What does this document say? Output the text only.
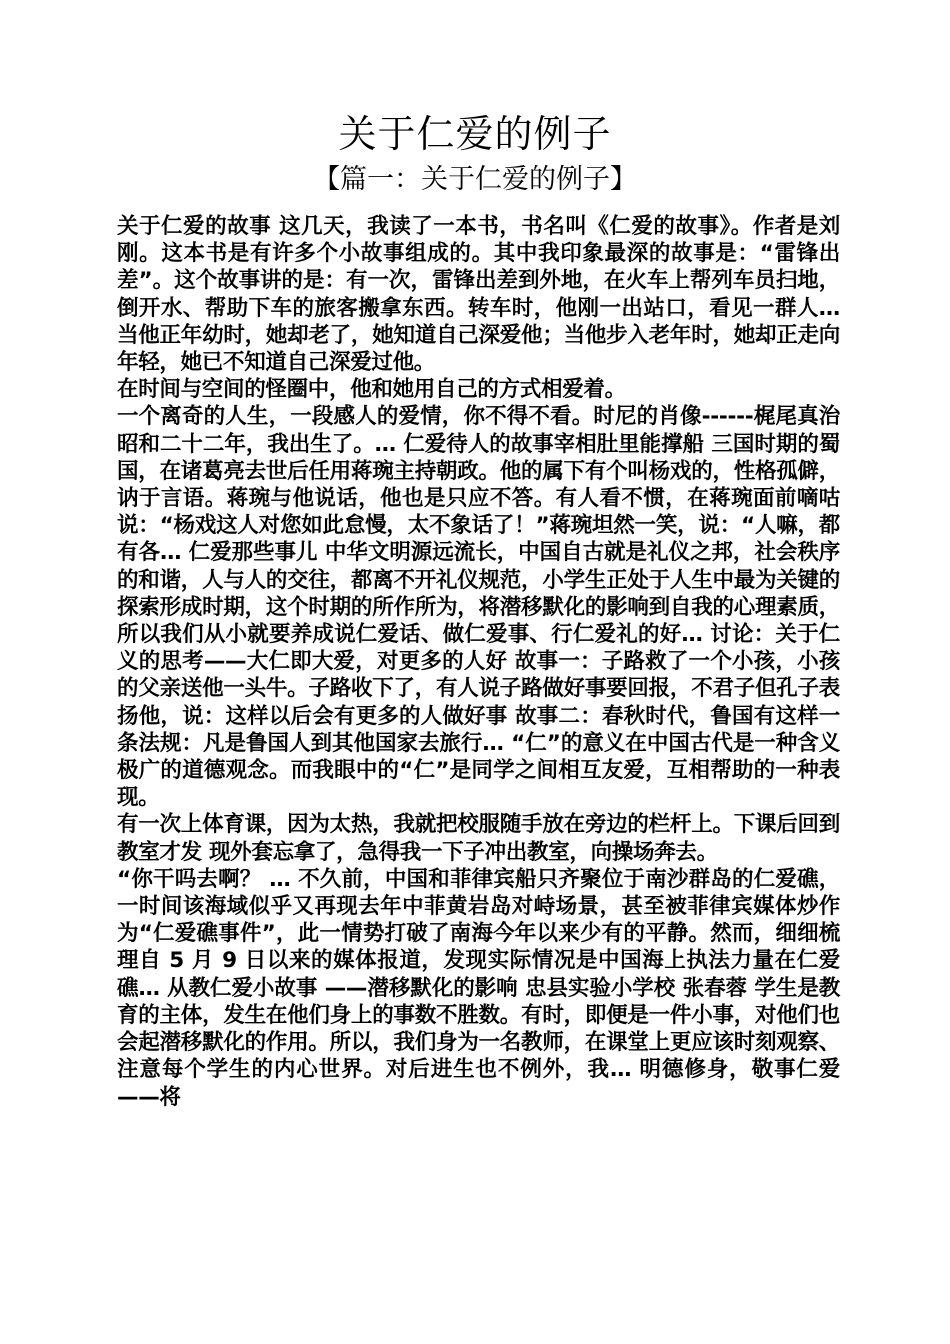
关于仁爱的例子
【篇一：关于仁爱的例子】

关于仁爱的故事 这几天，我读了一本书，书名叫《仁爱的故事》。作者是刘刚。这本书是有许多个小故事组成的。其中我印象最深的故事是：“雷锋出差”。这个故事讲的是：有一次，雷锋出差到外地，在火车上帮列车员扫地，倒开水、帮助下车的旅客搬拿东西。转车时，他刚一出站口，看见一群人… 当他正年幼时，她却老了，她知道自己深爱他；当他步入老年时，她却正走向年轻，她已不知道自己深爱过他。

在时间与空间的怪圈中，他和她用自己的方式相爱着。

一个离奇的人生，一段感人的爱情，你不得不看。时尼的肖像------梶尾真治昭和二十二年，我出生了。… 仁爱待人的故事宰相肚里能撑船 三国时期的蜀国，在诸葛亮去世后任用蒋琬主持朝政。他的属下有个叫杨戏的，性格孤僻，讷于言语。蒋琬与他说话，他也是只应不答。有人看不惯，在蒋琬面前嘀咕说：“杨戏这人对您如此怠慢，太不象话了！”蒋琬坦然一笑，说：“人嘛，都有各… 仁爱那些事儿 中华文明源远流长，中国自古就是礼仪之邦，社会秩序的和谐，人与人的交往，都离不开礼仪规范，小学生正处于人生中最为关键的探索形成时期，这个时期的所作所为，将潜移默化的影响到自我的心理素质，所以我们从小就要养成说仁爱话、做仁爱事、行仁爱礼的好… 讨论：关于仁义的思考——大仁即大爱，对更多的人好 故事一：子路救了一个小孩，小孩的父亲送他一头牛。子路收下了，有人说子路做好事要回报，不君子但孔子表扬他，说：这样以后会有更多的人做好事 故事二：春秋时代，鲁国有这样一条法规：凡是鲁国人到其他国家去旅行… “仁”的意义在中国古代是一种含义极广的道德观念。而我眼中的“仁”是同学之间相互友爱，互相帮助的一种表现。

有一次上体育课，因为太热，我就把校服随手放在旁边的栏杆上。下课后回到教室才发 现外套忘拿了，急得我一下子冲出教室，向操场奔去。

“你干吗去啊？ … 不久前，中国和菲律宾船只齐聚位于南沙群岛的仁爱礁，一时间该海域似乎又再现去年中菲黄岩岛对峙场景，甚至被菲律宾媒体炒作为“仁爱礁事件”，此一情势打破了南海今年以来少有的平静。然而，细细梳理自 5 月 9 日以来的媒体报道，发现实际情况是中国海上执法力量在仁爱礁… 从教仁爱小故事 ——潜移默化的影响 忠县实验小学校 张春蓉 学生是教育的主体，发生在他们身上的事数不胜数。有时，即便是一件小事，对他们也会起潜移默化的作用。所以，我们身为一名教师，在课堂上更应该时刻观察、注意每个学生的内心世界。对后进生也不例外，我… 明德修身，敬事仁爱 ——将
